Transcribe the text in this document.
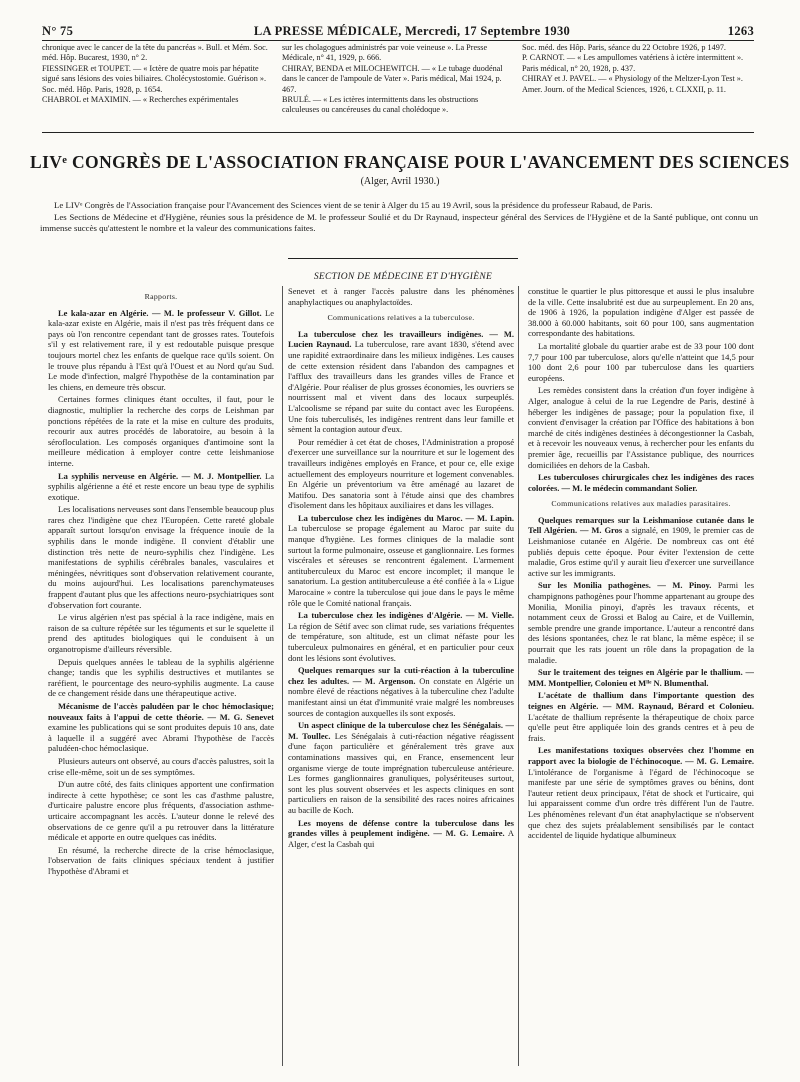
N° 75	LA PRESSE MÉDICALE, Mercredi, 17 Septembre 1930	1263

chronique avec le cancer de la tête du pancréas ». Bull. et Mém. Soc. méd. Hôp. Bucarest, 1930, n° 2.

FIESSINGER et TOUPET. — « Ictère de quatre mois par hépatite sigué sans lésions des voies biliaires. Cholécystostomie. Guérison ». Soc. méd. Hôp. Paris, 1928, p. 1654.

CHABROL et MAXIMIN. — « Recherches expérimentales

sur les cholagogues administrés par voie veineuse ». La Presse Médicale, n° 41, 1929, p. 666.

CHIRAY, BENDA et MILOCHEWITCH. — « Le tubage duodénal dans le cancer de l'ampoule de Vater ». Paris médical, Mai 1924, p. 467.

BRULÉ. — « Les ictères intermittents dans les obstructions calculeuses ou cancéreuses du canal cholédoque ».

Soc. méd. des Hôp. Paris, séance du 22 Octobre 1926, p 1497.

P. CARNOT. — « Les ampullomes vatériens à ictère intermittent ». Paris médical, n° 20, 1928, p. 437.

CHIRAY et J. PAVEL. — « Physiology of the Meltzer-Lyon Test ». Amer. Journ. of the Medical Sciences, 1926, t. CLXXII, p. 11.

LIVᵉ CONGRÈS DE L'ASSOCIATION FRANÇAISE POUR L'AVANCEMENT DES SCIENCES
(Alger, Avril 1930.)

Le LIVᵉ Congrès de l'Association française pour l'Avancement des Sciences vient de se tenir à Alger du 15 au 19 Avril, sous la présidence du professeur Rabaud, de Paris.

Les Sections de Médecine et d'Hygiène, réunies sous la présidence de M. le professeur Soulié et du Dr Raynaud, inspecteur général des Services de l'Hygiène et de la Santé publique, ont connu un immense succès qu'attestent le nombre et la valeur des communications faites.

SECTION DE MÉDECINE ET D'HYGIÈNE

Rapports.

Le kala-azar en Algérie. — M. le professeur V. Gillot. Le kala-azar existe en Algérie, mais il n'est pas très fréquent dans ce pays où l'on rencontre cependant tant de grosses rates. Toutefois s'il y est relativement rare, il y est redoutable puisque presque toujours mortel chez les enfants de quelque race qu'ils soient. On le trouve plus répandu à l'Est qu'à l'Ouest et au Nord qu'au Sud. Le mode d'infection, malgré l'hypothèse de la contamination par les chiens, en demeure très obscur.

Certaines formes cliniques étant occultes, il faut, pour le diagnostic, multiplier la recherche des corps de Leishman par ponctions répétées de la rate et la mise en culture des produits, recourir aux autres procédés de laboratoire, au besoin à la sérofloculation. Les composés organiques d'antimoine sont la meilleure médication à employer contre cette leishmaniose interne.

La syphilis nerveuse en Algérie. — M. J. Montpellier. La syphilis algérienne a été et reste encore un beau type de syphilis exotique.

Les localisations nerveuses sont dans l'ensemble beaucoup plus rares chez l'indigène que chez l'Européen. Cette rareté globale apparaît surtout lorsqu'on envisage la fréquence inouïe de la syphilis dans le monde indigène. Il convient d'établir une distinction très nette de neuro-syphilis chez l'indigène. Les manifestations de syphilis cérébrales banales, vasculaires et méningées, névritiques sont d'observation relativement courante, du moins aujourd'hui. Les localisations parenchymateuses frappent d'autant plus que les affections neuro-psychiatriques sont d'observation fort courante.

Le virus algérien n'est pas spécial à la race indigène, mais en raison de sa culture répétée sur les téguments et sur le squelette il prend des aptitudes biologiques qui le conduisent à un organotropisme d'ailleurs réversible.

Depuis quelques années le tableau de la syphilis algérienne change; tandis que les syphilis destructives et mutilantes se raréfient, le pourcentage des neuro-syphilis augmente. La cause de ce changement réside dans une thérapeutique active.

Mécanisme de l'accès paludéen par le choc hémoclasique; nouveaux faits à l'appui de cette théorie. — M. G. Senevet examine les publications qui se sont produites depuis 10 ans, date à laquelle il a suggéré avec Abrami l'hypothèse de l'accès paludéen-choc hémoclasique.

Plusieurs auteurs ont observé, au cours d'accès palustres, soit la crise elle-même, soit un de ses symptômes.

D'un autre côté, des faits cliniques apportent une confirmation indirecte à cette hypothèse; ce sont les cas d'asthme palustre, d'urticaire palustre encore plus fréquents, d'association asthme-urticaire accompagnant les accès. L'auteur donne le relevé des observations de ce genre qu'il a pu retrouver dans la littérature médicale et apporte en outre quelques cas inédits.

En résumé, la recherche directe de la crise hémoclasique, l'observation de faits cliniques spéciaux tendent à justifier l'hypothèse d'Abrami et

Senevet et à ranger l'accès palustre dans les phénomènes anaphylactiques ou anaphylactoïdes.

Communications relatives a la tuberculose.

La tuberculose chez les travailleurs indigènes. — M. Lucien Raynaud. La tuberculose, rare avant 1830, s'étend avec une rapidité extraordinaire dans les milieux indigènes. Les causes de cette extension résident dans l'abandon des campagnes et l'afflux des travailleurs dans les grandes villes de France et d'Algérie. Pour réaliser de plus grosses économies, les ouvriers se nourrissent mal et vivent dans des locaux surpeuplés. L'alcoolisme se répand par suite du contact avec les Européens. Une fois tuberculisés, les indigènes rentrent dans leur famille et sèment la contagion autour d'eux.

Pour remédier à cet état de choses, l'Administration a proposé d'exercer une surveillance sur la nourriture et sur le logement des travailleurs indigènes employés en France, et pour ce, elle exige actuellement des employeurs nourriture et logement convenables. En Algérie un préventorium va être aménagé au lazaret de Matifou. Des sanatoria sont à l'étude ainsi que des chambres d'isolement dans les hôpitaux auxiliaires et dans les villages.

La tuberculose chez les indigènes du Maroc. — M. Lapin. La tuberculose se propage également au Maroc par suite du manque d'hygiène. Les formes cliniques de la maladie sont surtout la forme pulmonaire, osseuse et ganglionnaire. Les formes viscérales et séreuses se rencontrent également. L'armement antituberculeux du Maroc est encore incomplet; il manque le sanatorium. La gestion antituberculeuse a été confiée à la « Ligue Marocaine » contre la tuberculose qui joue dans le pays le même rôle que le Comité national français.

La tuberculose chez les indigènes d'Algérie. — M. Vielle. La région de Sétif avec son climat rude, ses variations fréquentes de température, son altitude, est un climat néfaste pour les tuberculeux pulmonaires en général, et en particulier pour ceux dont les lésions sont évolutives.

Quelques remarques sur la cuti-réaction à la tuberculine chez les adultes. — M. Argenson. On constate en Algérie un nombre élevé de réactions négatives à la tuberculine chez l'adulte manifestant ainsi un état d'immunité vraie malgré les nombreuses sources de contagion auxquelles ils sont exposés.

Un aspect clinique de la tuberculose chez les Sénégalais. — M. Toullec. Les Sénégalais à cuti-réaction négative réagissent d'une façon particulière et généralement très grave aux contaminations massives qui, en France, ensemencent leur organisme vierge de toute imprégnation tuberculeuse antérieure. Les formes ganglionnaires granuliques, polysériteuses surtout, sont les plus souvent observées et les aspects cliniques en sont particuliers en raison de la sensibilité des races noires africaines au bacille de Koch.

Les moyens de défense contre la tuberculose dans les grandes villes à peuplement indigène. — M. G. Lemaire. A Alger, c'est la Casbah qui

constitue le quartier le plus pittoresque et aussi le plus insalubre de la ville. Cette insalubrité est due au surpeuplement. En 20 ans, de 1906 à 1926, la population indigène d'Alger est passée de 38.000 à 60.000 habitants, soit 60 pour 100, sans augmentation correspondante des habitations.

La mortalité globale du quartier arabe est de 33 pour 100 dont 7,7 pour 100 par tuberculose, alors qu'elle n'atteint que 14,5 pour 100 dont 2,6 pour 100 par tuberculose dans les quartiers européens.

Les remèdes consistent dans la création d'un foyer indigène à Alger, analogue à celui de la rue Legendre de Paris, destiné à héberger les indigènes de passage; pour la population fixe, il convient d'envisager la création par l'Office des habitations à bon marché de cités indigènes destinées à décongestionner la Casbah, et à recevoir les nouveaux venus, à rechercher pour les enfants du premier âge, recueillis par l'Assistance publique, des nourrices domiciliées en dehors de la Casbah.

Les tuberculoses chirurgicales chez les indigènes des races colorées. — M. le médecin commandant Solier.

Communications relatives aux maladies parasitaires.

Quelques remarques sur la Leishmaniose cutanée dans le Tell Algérien. — M. Gros a signalé, en 1909, le premier cas de Leishmaniose cutanée en Algérie. De nombreux cas ont été publiés depuis cette époque. Pour éviter l'extension de cette maladie, Gros estime qu'il y aurait lieu d'exercer une surveillance active sur les immigrants.

Sur les Monilia pathogènes. — M. Pinoy. Parmi les champignons pathogènes pour l'homme appartenant au groupe des Monilia, Monilia pinoyi, d'après les travaux récents, et notamment ceux de Grossi et Balog au Caire, et de Vuillemin, semble prendre une grande importance. L'auteur a rencontré dans des lésions spontanées, chez le rat blanc, la même espèce; il se pourrait que les rats jouent un rôle dans la propagation de la maladie.

Sur le traitement des teignes en Algérie par le thallium. — MM. Montpellier, Colonieu et Mˡˡᵉ N. Blumenthal.

L'acétate de thallium dans l'importante question des teignes en Algérie. — MM. Raynaud, Bérard et Colonieu. L'acétate de thallium représente la thérapeutique de choix parce qu'elle peut être appliquée loin des grands centres et à peu de frais.

Les manifestations toxiques observées chez l'homme en rapport avec la biologie de l'échinocoque. — M. G. Lemaire. L'intolérance de l'organisme à l'égard de l'échinocoque se manifeste par une série de symptômes graves ou bénins, dont l'auteur retient deux principaux, l'état de shock et l'urticaire, qui lui apparaissent comme d'un ordre très différent l'un de l'autre. Les phénomènes relevant d'un état anaphylactique se n'observent que chez des sujets préalablement sensibilisés par le contact accidentel de liquide hydatique albumineux
